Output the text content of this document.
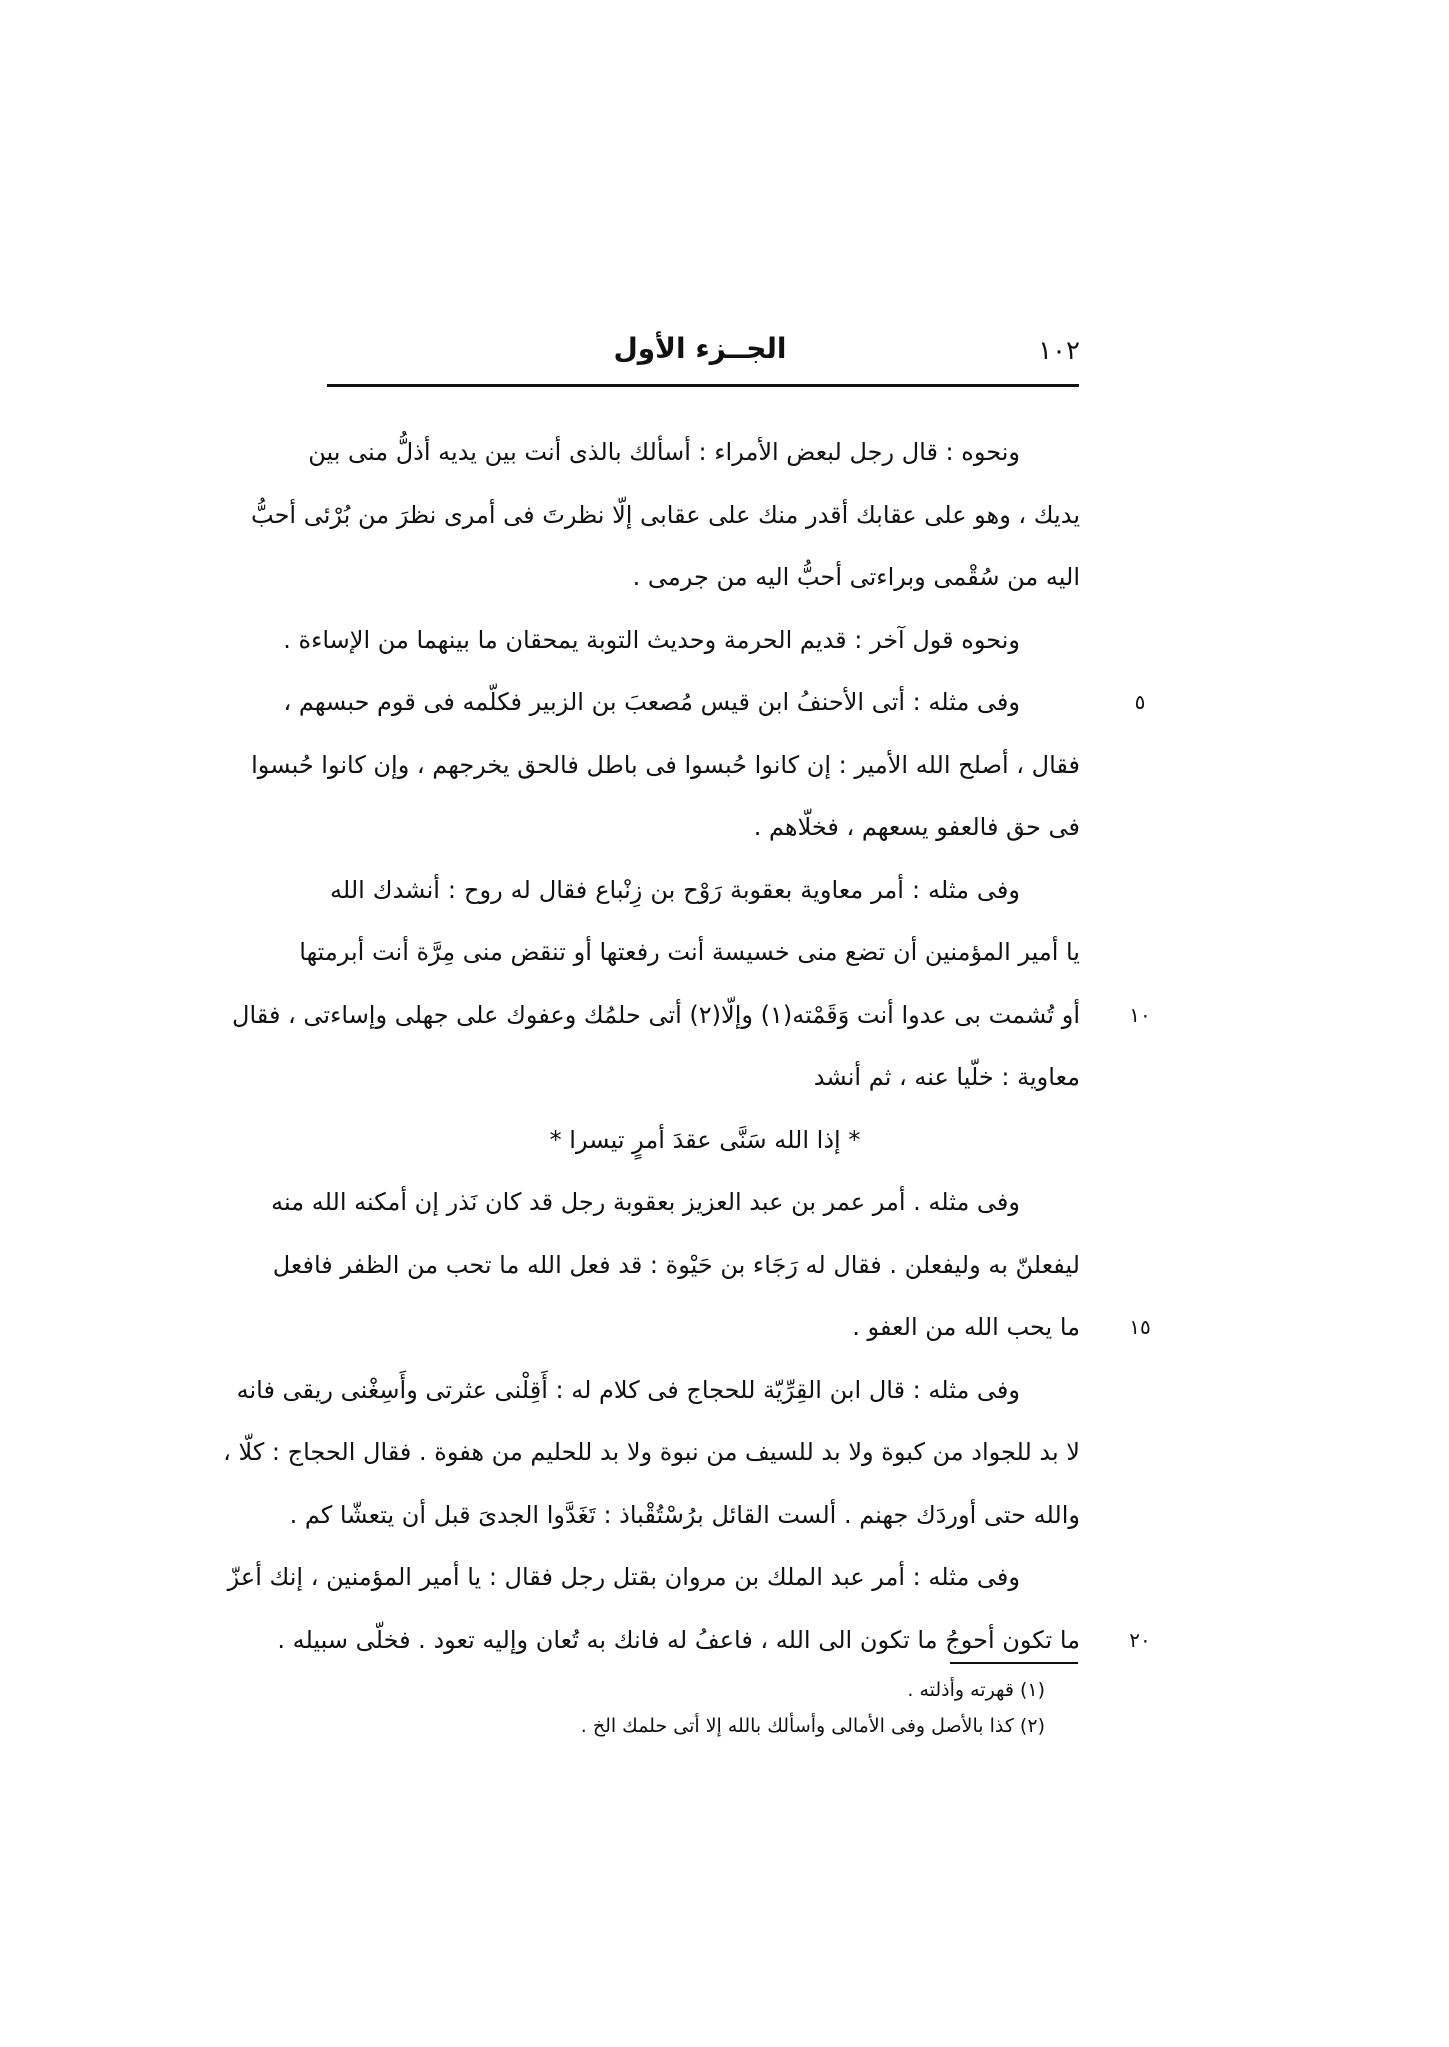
١٠٢
الجــزء الأول
ونحوه : قال رجل لبعض الأمراء : أسألك بالذى أنت بين يديه أذلُّ منى بين
يديك ، وهو على عقابك أقدر منك على عقابى إلّا نظرتَ فى أمرى نظرَ من بُرْئى أحبُّ
اليه من سُقْمى وبراءتى أحبُّ اليه من جرمى .
ونحوه قول آخر : قديم الحرمة وحديث التوبة يمحقان ما بينهما من الإساءة .
وفى مثله : أتى الأحنفُ ابن قيس مُصعبَ بن الزبير فكلّمه فى قوم حبسهم ،
فقال ، أصلح الله الأمير : إن كانوا حُبسوا فى باطل فالحق يخرجهم ، وإن كانوا حُبسوا
فى حق فالعفو يسعهم ، فخلّاهم .
وفى مثله : أمر معاوية بعقوبة رَوْح بن زِنْباع فقال له روح : أنشدك الله
يا أمير المؤمنين أن تضع منى خسيسة أنت رفعتها أو تنقض منى مِرَّة أنت أبرمتها
أو تُشمت بى عدوا أنت وَقَمْته(١) وإلّا(٢) أتى حلمُك وعفوك على جهلى وإساءتى ، فقال
معاوية : خلّيا عنه ، ثم أنشد
* إذا الله سَنَّى عقدَ أمرٍ تيسرا *
وفى مثله . أمر عمر بن عبد العزيز بعقوبة رجل قد كان نَذر إن أمكنه الله منه
ليفعلنّ به وليفعلن . فقال له رَجَاء بن حَيْوة : قد فعل الله ما تحب من الظفر فافعل
ما يحب الله من العفو .
وفى مثله : قال ابن القِرِّيّة للحجاج فى كلام له : أَقِلْنى عثرتى وأَسِغْنى ريقى فانه
لا بد للجواد من كبوة ولا بد للسيف من نبوة ولا بد للحليم من هفوة . فقال الحجاج : كلّا ،
والله حتى أوردَك جهنم . ألست القائل برُسْتُقْباذ : تَغَدَّوا الجدىَ قبل أن يتعشّا كم .
وفى مثله : أمر عبد الملك بن مروان بقتل رجل فقال : يا أمير المؤمنين ، إنك أعزّ
ما تكون أحوجُ ما تكون الى الله ، فاعفُ له فانك به تُعان وإليه تعود . فخلّى سبيله .
٥
١٠
١٥
٢٠
(١) قهرته وأذلته .
(٢) كذا بالأصل وفى الأمالى وأسألك بالله إلا أتى حلمك الخ .
